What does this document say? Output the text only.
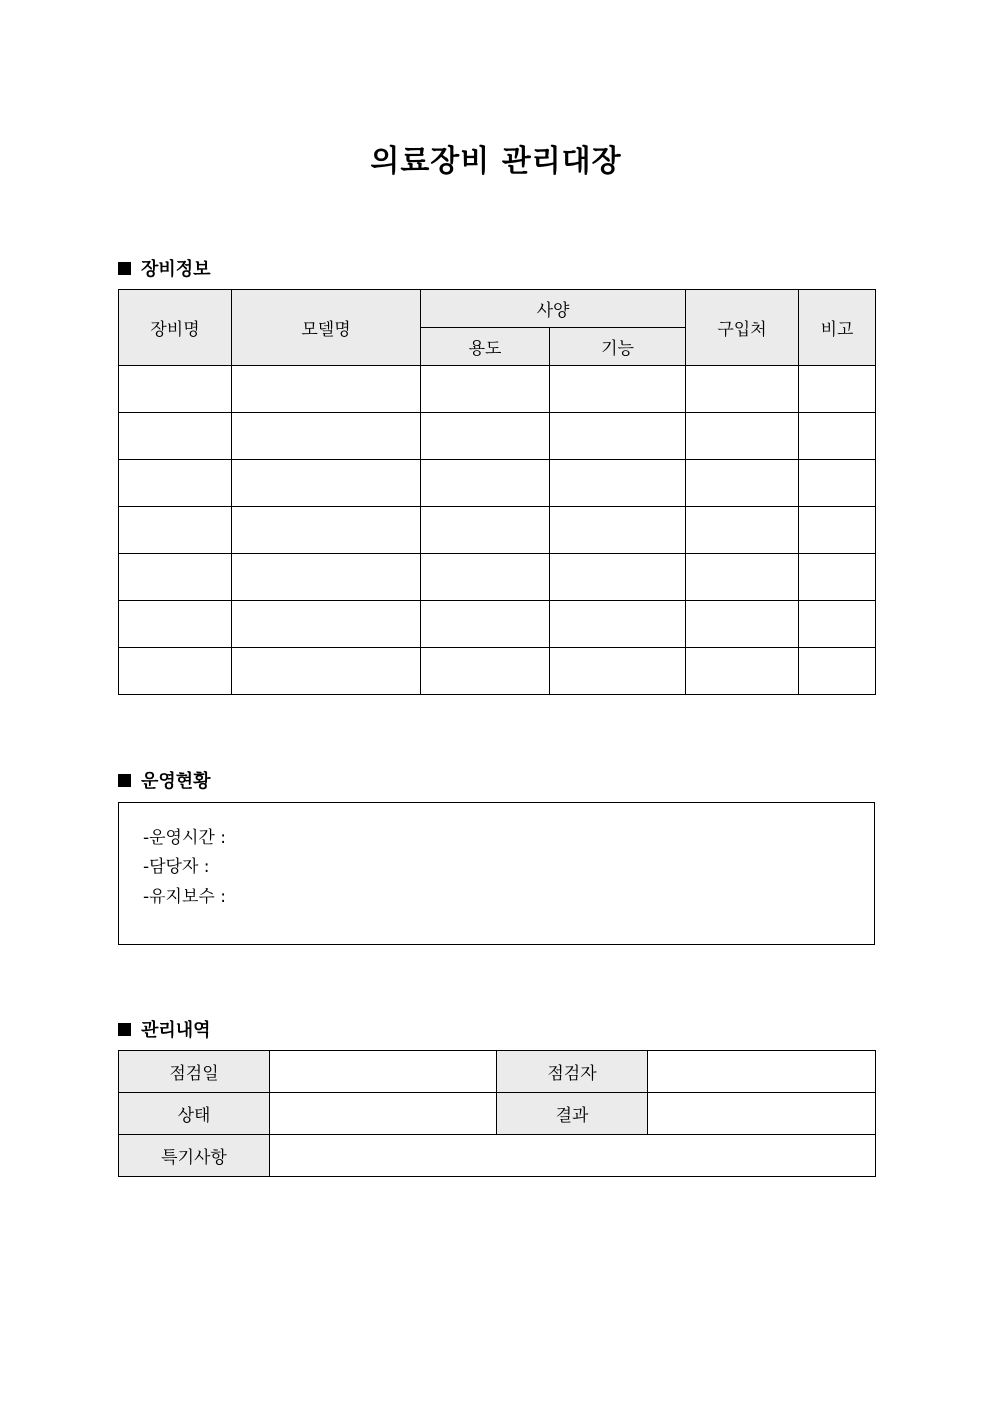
의료장비 관리대장
장비정보
장비명	모델명	사양		구입처	비고
		용도	기능		

운영현황
-운영시간 :
-담당자 :
-유지보수 :
관리내역
점검일		점검자	
상태		결과	
특기사항			
